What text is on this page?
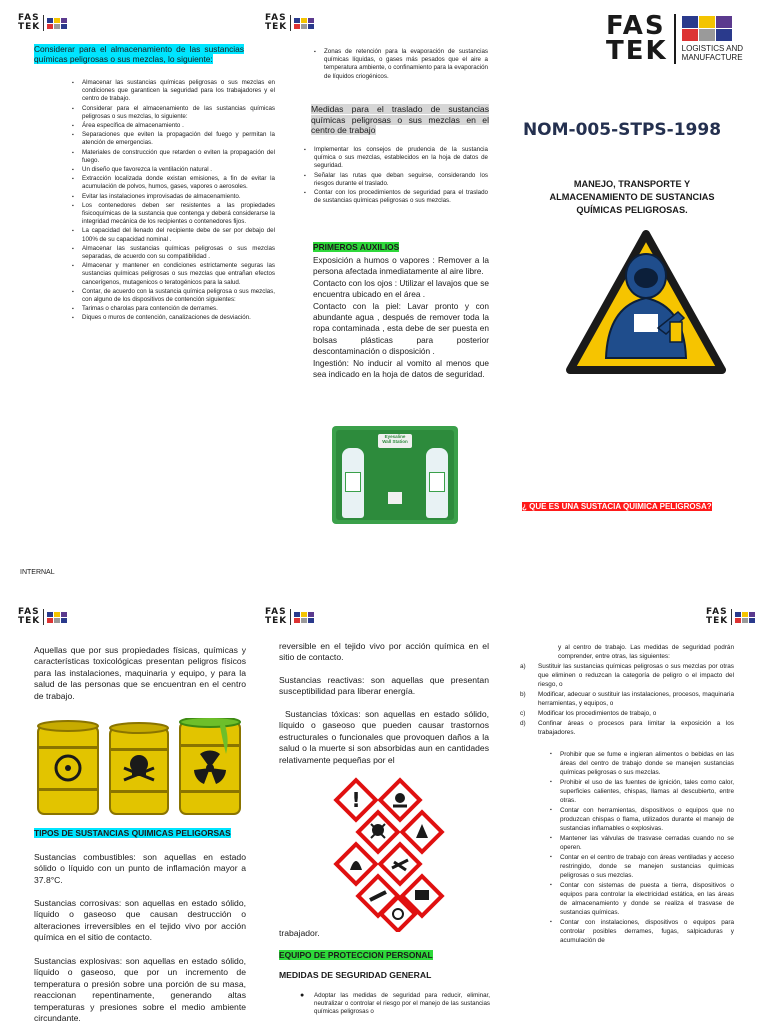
FAS
TEK
Considerar para el almacenamiento de las sustancias químicas peligrosas o sus mezclas, lo siguiente:
▪ Almacenar las sustancias químicas peligrosas o sus mezclas en condiciones que garanticen la seguridad para los trabajadores y el centro de trabajo.
▪ Considerar para el almacenamiento de las sustancias químicas peligrosas o sus mezclas, lo siguiente:
▪ Área específica de almacenamiento .
▪ Separaciones que eviten la propagación del fuego y permitan la atención de emergencias.
▪ Materiales de construcción que retarden o eviten la propagación del fuego.
▪ Un diseño que favorezca la ventilación natural .
▪ Extracción localizada donde existan emisiones, a fin de evitar la acumulación de polvos, humos, gases, vapores o aerosoles.
▪ Evitar las instalaciones improvisadas de almacenamiento.
▪ Los contenedores deben ser resistentes a las propiedades fisicoquímicas de la sustancia que contenga y deberá considerarse la integridad mecánica de los recipientes o contenedores fijos.
▪ La capacidad del llenado del recipiente debe de ser por debajo del 100% de su capacidad nominal .
▪ Almacenar las sustancias químicas peligrosas o sus mezclas separadas, de acuerdo con su compatibilidad .
▪ Almacenar y mantener en condiciones estrictamente seguras las sustancias químicas peligrosas o sus mezclas que entrañan efectos cancerígenos, mutagenicos o teratogénicos para la salud.
▪ Contar, de acuerdo con la sustancia química peligrosa o sus mezclas, con alguno de los dispositivos de contención siguientes:
▪ Tarimas o charolas para contención de derrames.
▪ Diques o muros de contención, canalizaciones de desviación.
INTERNAL
FAS
TEK
▪ Zonas de retención para la evaporación de sustancias químicas líquidas, o gases más pesados que el aire a temperatura ambiente, o confinamiento para la evaporación de líquidos criogénicos.
Medidas para el traslado de sustancias químicas peligrosas o sus mezclas en el centro de trabajo
▪ Implementar los consejos de prudencia de la sustancia química o sus mezclas, establecidos en la hoja de datos de seguridad.
▪ Señalar las rutas que deban seguirse, considerando los riesgos durante el traslado.
▪ Contar con los procedimientos de seguridad para el traslado de sustancias químicas peligrosas o sus mezclas.
PRIMEROS AUXILIOS
Exposición a humos o vapores : Remover a la persona afectada inmediatamente al aire libre.
Contacto con los ojos : Utilizar el lavajos que se encuentra ubicado en el área .
Contacto con la piel: Lavar pronto y con abundante agua , después de remover toda la ropa contaminada , esta debe de ser puesta en bolsas plásticas para posterior descontaminación o disposición .
Ingestión: No inducir al vomito al menos que sea indicado en la hoja de datos de seguridad.
Eyesaline
Wall Station
FAS
TEK LOGISTICS AND
MANUFACTURE
NOM-005-STPS-1998
MANEJO, TRANSPORTE Y ALMACENAMIENTO DE SUSTANCIAS QUÍMICAS PELIGROSAS.
¿ QUE ES UNA SUSTACIA QUIMICA PELIGROSA?
FAS
TEK
Aquellas que por sus propiedades físicas, químicas y características toxicológicas presentan peligros físicos para las instalaciones, maquinaria y equipo, y para la salud de las personas que se encuentran en el centro de trabajo.
TIPOS DE SUSTANCIAS QUIMICAS PELIGORSAS
Sustancias combustibles: son aquellas en estado sólido o líquido con un punto de inflamación mayor a 37.8°C.
Sustancias corrosivas: son aquellas en estado sólido, líquido o gaseoso que causan destrucción o alteraciones irreversibles en el tejido vivo por acción química en el sitio de contacto.
Sustancias explosivas: son aquellas en estado sólido, líquido o gaseoso, que por un incremento de temperatura o presión sobre una porción de su masa, reaccionan repentinamente, generando altas temperaturas y presiones sobre el medio ambiente circundante.
FAS
TEK
reversible en el tejido vivo por acción química en el sitio de contacto.
Sustancias reactivas: son aquellas que presentan susceptibilidad para liberar energía.
Sustancias tóxicas: son aquellas en estado sólido, líquido o gaseoso que pueden causar trastornos estructurales o funcionales que provoquen daños a la salud o la muerte si son absorbidas aun en cantidades relativamente pequeñas por el
!
trabajador.
EQUIPO DE PROTECCION PERSONAL
MEDIDAS DE SEGURIDAD GENERAL
● Adoptar las medidas de seguridad para reducir, eliminar, neutralizar o controlar el riesgo por el manejo de las sustancias químicas peligrosas o
FAS
TEK
y al centro de trabajo. Las medidas de seguridad podrán comprender, entre otras, las siguientes:
a) Sustituir las sustancias químicas peligrosas o sus mezclas por otras que eliminen o reduzcan la categoría de peligro o el impacto del riesgo, o
b) Modificar, adecuar o sustituir las instalaciones, procesos, maquinaria herramientas, y equipos, o
c) Modificar los procedimientos de trabajo, o
d) Confinar áreas o procesos para limitar la exposición a los trabajadores.
▪ Prohibir que se fume e ingieran alimentos o bebidas en las áreas del centro de trabajo donde se manejen sustancias químicas peligrosas o sus mezclas.
▪ Prohibir el uso de las fuentes de ignición, tales como calor, superficies calientes, chispas, llamas al descubierto, entre otras.
▪ Contar con herramientas, dispositivos o equipos que no produzcan chispas o flama, utilizados durante el manejo de sustancias inflamables o explosivas.
▪ Mantener las válvulas de trasvase cerradas cuando no se operen.
▪ Contar en el centro de trabajo con áreas ventiladas y acceso restringido, donde se manejen sustancias químicas peligrosas o sus mezclas.
▪ Contar con sistemas de puesta a tierra, dispositivos o equipos para controlar la electricidad estática, en las áreas de almacenamiento y donde se realiza el trasvase de sustancias químicas.
▪ Contar con instalaciones, dispositivos o equipos para controlar posibles derrames, fugas, salpicaduras y acumulación de
